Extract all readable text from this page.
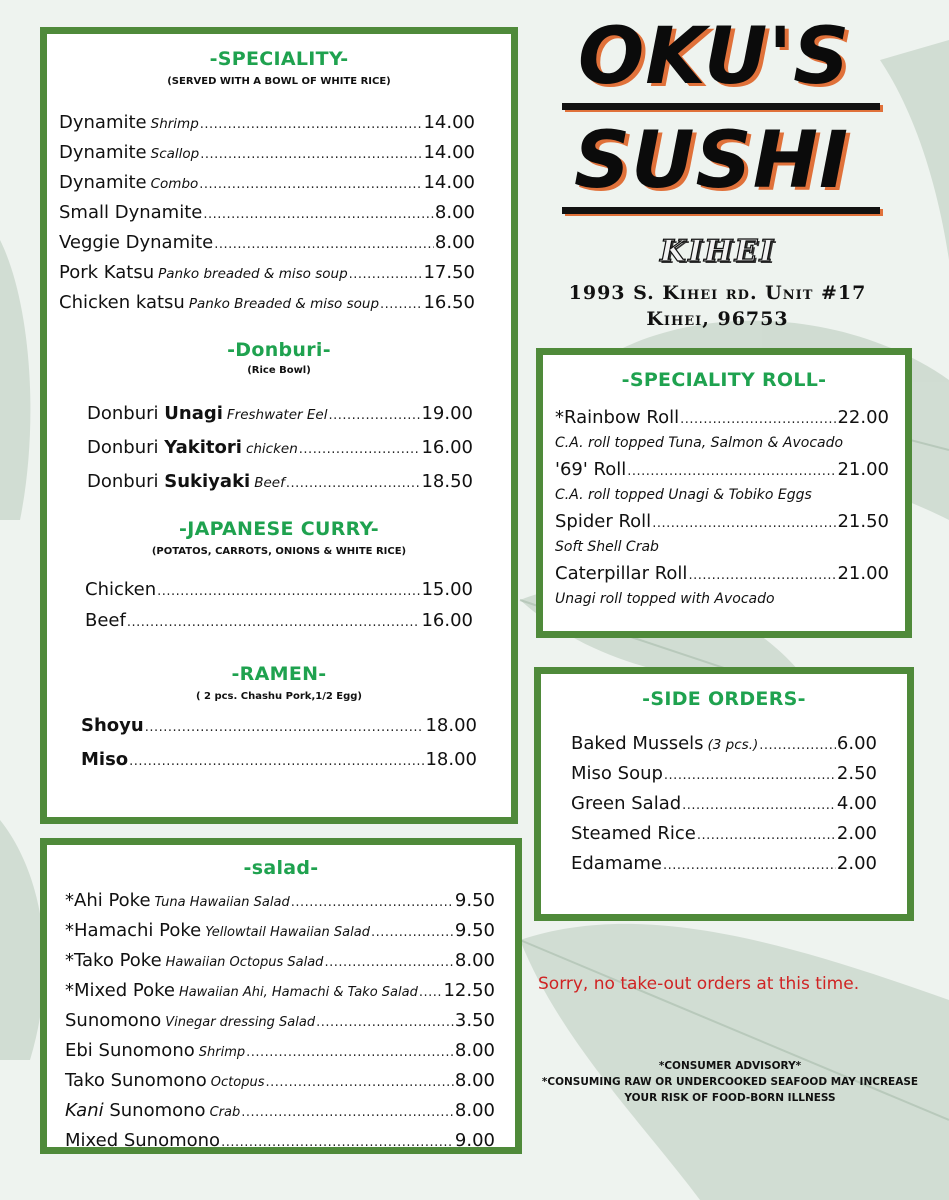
-SPECIALITY-
(SERVED WITH A BOWL OF WHITE RICE)
Dynamite Shrimp .....	14.00
Dynamite Scallop .....	14.00
Dynamite Combo .....	14.00
Small Dynamite .....	8.00
Veggie Dynamite .....	8.00
Pork Katsu Panko breaded & miso soup .....	17.50
Chicken katsu Panko Breaded & miso soup ..... 16.50
-Donburi-
(Rice Bowl)
Donburi Unagi Freshwater Eel .....	19.00
Donburi Yakitori chicken .....	16.00
Donburi Sukiyaki Beef .....	18.50
-JAPANESE CURRY-
(POTATOS, CARROTS, ONIONS & WHITE RICE)
Chicken .....	15.00
Beef .....	16.00
-RAMEN-
( 2 pcs. Chashu Pork,1/2 Egg)
Shoyu .....	18.00
Miso .....	18.00
-salad-
*Ahi Poke Tuna Hawaiian Salad .....	9.50
*Hamachi Poke Yellowtail Hawaiian Salad .....	9.50
*Tako Poke Hawaiian Octopus Salad .....	8.00
*Mixed Poke Hawaiian Ahi, Hamachi & Tako Salad ..... 12.50
Sunomono Vinegar dressing Salad .....	3.50
Ebi Sunomono Shrimp .....	8.00
Tako Sunomono Octopus .....	8.00
Kani Sunomono Crab .....	8.00
Mixed Sunomono .....	9.00
OKU'S
SUSHI
KIHEI
1993 S. Kihei rd. Unit #17
Kihei, 96753
-SPECIALITY ROLL-
*Rainbow Roll .....	22.00
C.A. roll topped Tuna, Salmon & Avocado
'69' Roll .....	21.00
C.A. roll topped Unagi & Tobiko Eggs
Spider Roll .....	21.50
Soft Shell Crab
Caterpillar Roll .....	21.00
Unagi roll topped with Avocado
-SIDE ORDERS-
Baked Mussels (3 pcs.) .....	6.00
Miso Soup .....	2.50
Green Salad .....	4.00
Steamed Rice .....	2.00
Edamame .....	2.00
Sorry, no take-out orders at this time.
*CONSUMER ADVISORY*
*CONSUMING RAW OR UNDERCOOKED SEAFOOD MAY INCREASE
YOUR RISK OF FOOD-BORN ILLNESS
